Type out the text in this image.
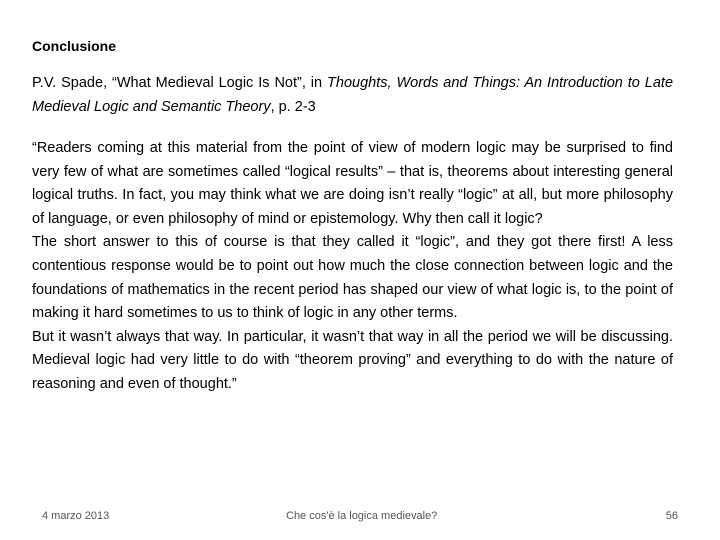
Conclusione
P.V. Spade, “What Medieval Logic Is Not”, in Thoughts, Words and Things: An Introduction to Late Medieval Logic and Semantic Theory, p. 2-3

“Readers coming at this material from the point of view of modern logic may be surprised to find very few of what are sometimes called “logical results” – that is, theorems about interesting general logical truths. In fact, you may think what we are doing isn’t really “logic” at all, but more philosophy of language, or even philosophy of mind or epistemology. Why then call it logic?

The short answer to this of course is that they called it “logic”, and they got there first! A less contentious response would be to point out how much the close connection between logic and the foundations of mathematics in the recent period has shaped our view of what logic is, to the point of making it hard sometimes to us to think of logic in any other terms.

But it wasn’t always that way. In particular, it wasn’t that way in all the period we will be discussing. Medieval logic had very little to do with “theorem proving” and everything to do with the nature of reasoning and even of thought.”

4 marzo 2013	Che cos'è la logica medievale?	56
